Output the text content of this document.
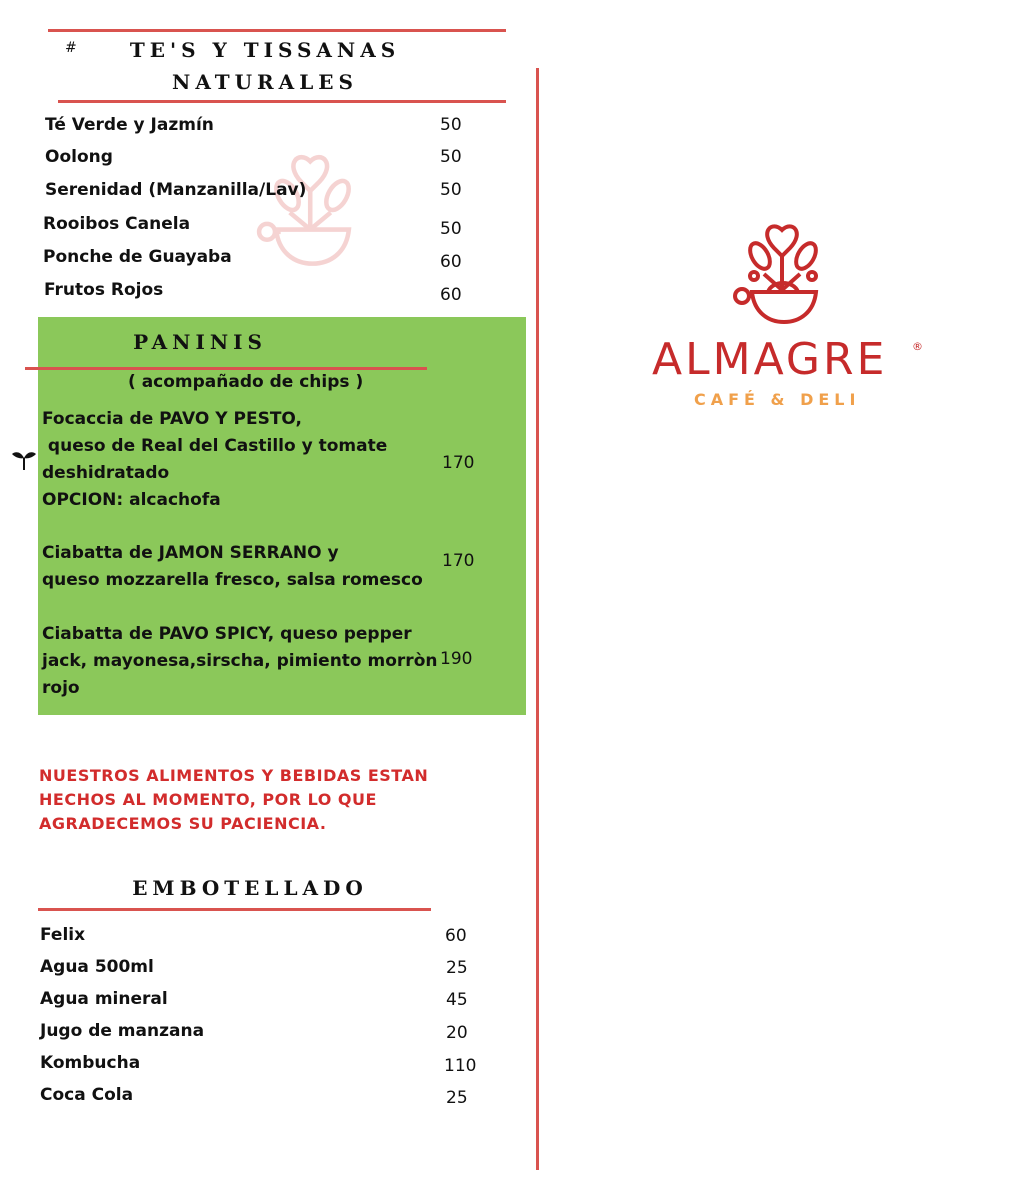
#	TE'S Y TISSANAS
NATURALES
Té Verde y Jazmín	50
Oolong	50
Serenidad (Manzanilla/Lav)	50
Rooibos Canela	50
Ponche de Guayaba	60
Frutos Rojos	60
PANINIS
( acompañado de chips )
Focaccia de PAVO Y PESTO,
queso de Real del Castillo y tomate
deshidratado
OPCION: alcachofa
170
Ciabatta de JAMON SERRANO y
queso mozzarella fresco, salsa romesco
170
Ciabatta de PAVO SPICY, queso pepper
jack, mayonesa,sirscha, pimiento morròn
rojo
190
NUESTROS ALIMENTOS Y BEBIDAS ESTAN
HECHOS AL MOMENTO, POR LO QUE
AGRADECEMOS SU PACIENCIA.
EMBOTELLADO
Felix	60
Agua 500ml	25
Agua mineral	45
Jugo de manzana	20
Kombucha	110
Coca Cola	25
ALMAGRE ®
CAFÉ & DELI
